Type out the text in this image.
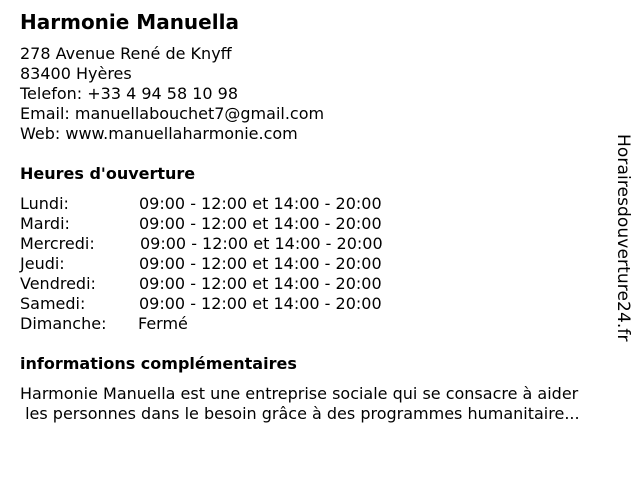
Harmonie Manuella
278 Avenue René de Knyff
83400 Hyères
Telefon: +33 4 94 58 10 98
Email: manuellabouchet7@gmail.com
Web: www.manuellaharmonie.com
Heures d'ouverture
Lundi:	09:00 - 12:00 et 14:00 - 20:00
Mardi:	09:00 - 12:00 et 14:00 - 20:00
Mercredi:	09:00 - 12:00 et 14:00 - 20:00
Jeudi:	09:00 - 12:00 et 14:00 - 20:00
Vendredi:	09:00 - 12:00 et 14:00 - 20:00
Samedi:	09:00 - 12:00 et 14:00 - 20:00
Dimanche: Fermé
informations complémentaires
Harmonie Manuella est une entreprise sociale qui se consacre à aider
les personnes dans le besoin grâce à des programmes humanitaire...
Horairesdouverture24.fr
